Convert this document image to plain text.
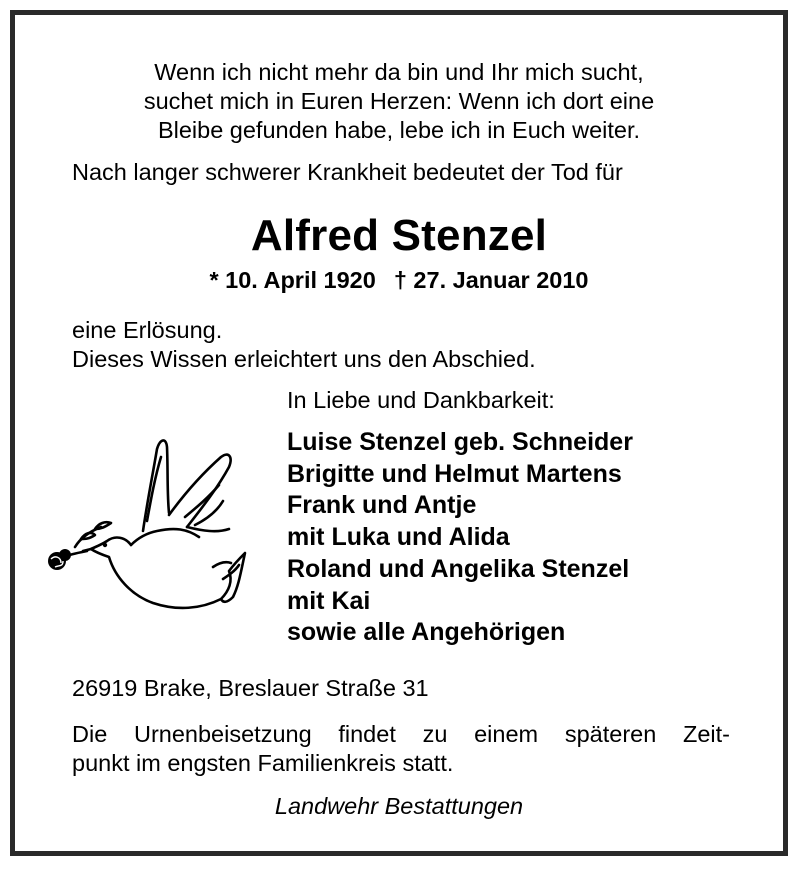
Wenn ich nicht mehr da bin und Ihr mich sucht,
suchet mich in Euren Herzen: Wenn ich dort eine
Bleibe gefunden habe, lebe ich in Euch weiter.
Nach langer schwerer Krankheit bedeutet der Tod für
Alfred Stenzel
* 10. April 1920 † 27. Januar 2010
eine Erlösung.
Dieses Wissen erleichtert uns den Abschied.
In Liebe und Dankbarkeit:
Luise Stenzel geb. Schneider
Brigitte und Helmut Martens
Frank und Antje
mit Luka und Alida
Roland und Angelika Stenzel
mit Kai
sowie alle Angehörigen
26919 Brake, Breslauer Straße 31
Die Urnenbeisetzung findet zu einem späteren Zeit-
punkt im engsten Familienkreis statt.
Landwehr Bestattungen
